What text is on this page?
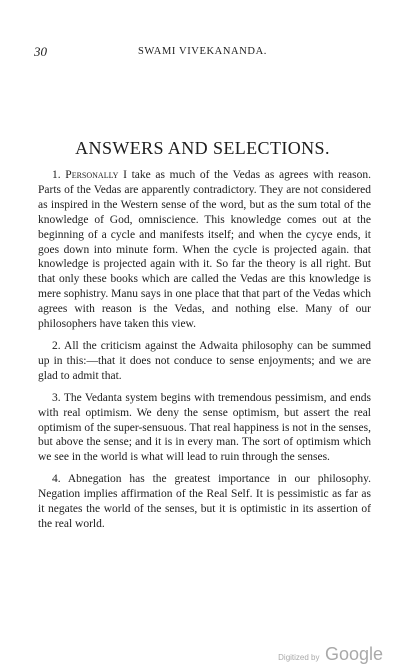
30	SWAMI VIVEKANANDA.
ANSWERS AND SELECTIONS.

1. Personally I take as much of the Vedas as agrees with reason. Parts of the Vedas are apparently contradictory. They are not considered as inspired in the Western sense of the word, but as the sum total of the knowledge of God, omniscience. This knowledge comes out at the beginning of a cycle and manifests itself; and when the cycye ends, it goes down into minute form. When the cycle is projected again. that knowledge is projected again with it. So far the theory is all right. But that only these books which are called the Vedas are this knowledge is mere sophistry. Manu says in one place that that part of the Vedas which agrees with reason is the Vedas, and nothing else. Many of our philosophers have taken this view.

2. All the criticism against the Adwaita philosophy can be summed up in this:—that it does not conduce to sense enjoyments; and we are glad to admit that.

3. The Vedanta system begins with tremendous pessimism, and ends with real optimism. We deny the sense optimism, but assert the real optimism of the super-sensuous. That real happiness is not in the senses, but above the sense; and it is in every man. The sort of optimism which we see in the world is what will lead to ruin through the senses.

4. Abnegation has the greatest importance in our philosophy. Negation implies affirmation of the Real Self. It is pessimistic as far as it negates the world of the senses, but it is optimistic in its assertion of the real world.

Digitized by Google
